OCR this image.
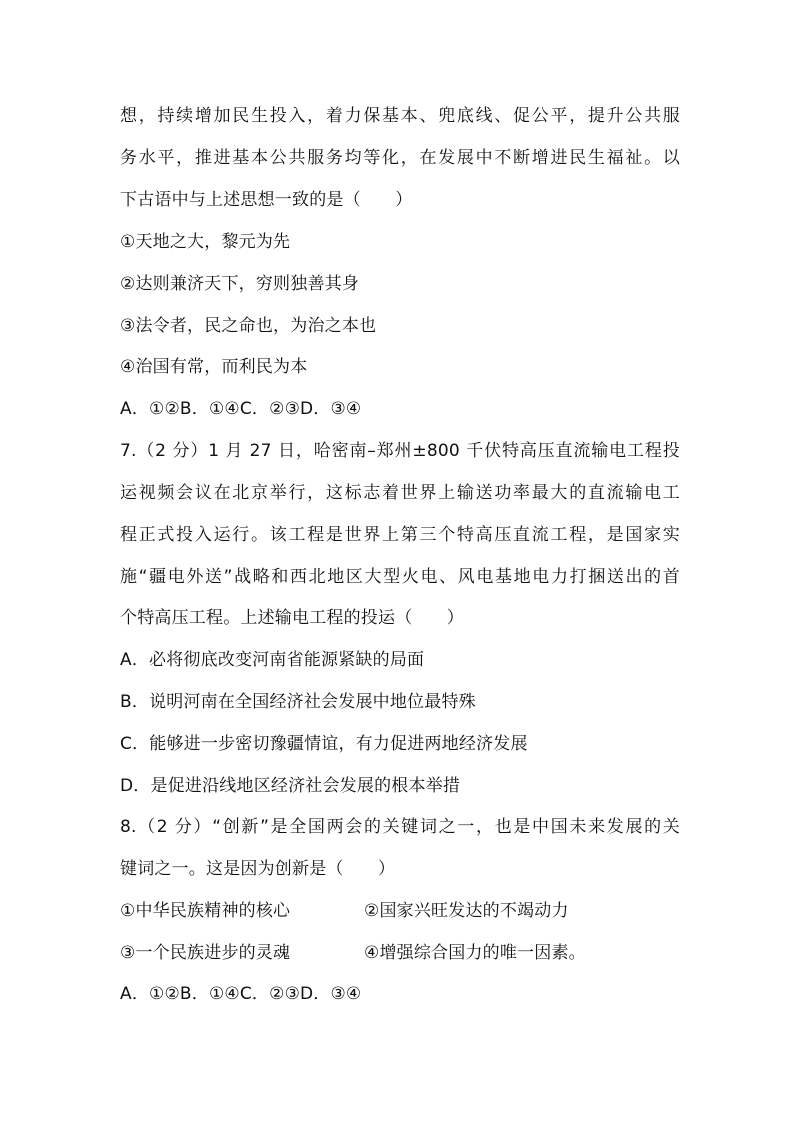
想，持续增加民生投入，着力保基本、兜底线、促公平，提升公共服
务水平，推进基本公共服务均等化，在发展中不断增进民生福祉。以
下古语中与上述思想一致的是（　　）
①天地之大，黎元为先
②达则兼济天下，穷则独善其身
③法令者，民之命也，为治之本也
④治国有常，而利民为本
A．①②B．①④C．②③D．③④
7.（2 分）1 月 27 日，哈密南–郑州±800 千伏特高压直流输电工程投
运视频会议在北京举行，这标志着世界上输送功率最大的直流输电工
程正式投入运行。该工程是世界上第三个特高压直流工程，是国家实
施“疆电外送”战略和西北地区大型火电、风电基地电力打捆送出的首
个特高压工程。上述输电工程的投运（　　）
A．必将彻底改变河南省能源紧缺的局面
B．说明河南在全国经济社会发展中地位最特殊
C．能够进一步密切豫疆情谊，有力促进两地经济发展
D．是促进沿线地区经济社会发展的根本举措
8.（2 分）“创新”是全国两会的关键词之一，也是中国未来发展的关
键词之一。这是因为创新是（　　）
①中华民族精神的核心	②国家兴旺发达的不竭动力
③一个民族进步的灵魂	④增强综合国力的唯一因素。
A．①②B．①④C．②③D．③④
